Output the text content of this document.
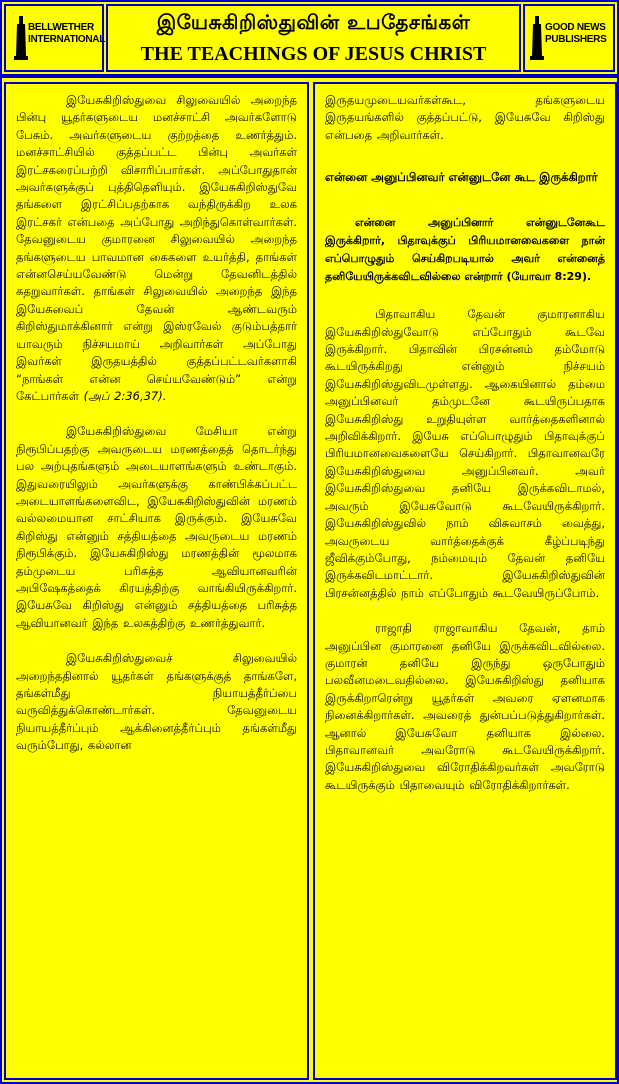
BELLWETHER INTERNATIONAL
இயேசுகிறிஸ்துவின் உபதேசங்கள்
THE TEACHINGS OF JESUS CHRIST
GOOD NEWS PUBLISHERS

இயேசுகிறிஸ்துவை சிலுவையில் அறைந்த பின்பு யூதர்களுடைய மனச்சாட்சி அவர்களோடு பேசும். அவர்களுடைய குற்றத்தை உணர்த்தும். மனச்சாட்சியில் குத்தப்பட்ட பின்பு அவர்கள் இரட்சகரைப்பற்றி விசாரிப்பார்கள். அப்போதுதான் அவர்களுக்குப் புத்திதெளியும். இயேசுகிறிஸ்துவே தங்களை இரட்சிப்பதற்காக வந்திருக்கிற உலக இரட்சகர் என்பதை அப்போது அறிந்துகொள்வார்கள். தேவனுடைய குமாரனை சிலுவையில் அறைந்த தங்களுடைய பாவமான கைகளை உயர்த்தி, தாங்கள் என்னசெய்யவேண்டு மென்று தேவனிடத்தில் கதறுவார்கள். தாங்கள் சிலுவையில் அறைந்த இந்த இயேசுவைப் தேவன் ஆண்டவரும் கிறிஸ்துமாக்கினார் என்று இஸ்ரவேல் குடும்பத்தார் யாவரும் நிச்சயமாய் அறிவார்கள் அப்போது இவர்கள் இருதயத்தில் குத்தப்பட்டவர்களாகி “நாங்கள் என்ன செய்யவேண்டும்” என்று கேட்பார்கள் (அப் 2:36,37).

இயேசுகிறிஸ்துவை மேசியா என்று நிரூபிப்பதற்கு அவருடைய மரணத்தைத் தொடர்ந்து பல அற்புதங்களும் அடையாளங்களும் உண்டாகும். இதுவரையிலும் அவர்களுக்கு காண்பிக்கப்பட்ட அடையாளங்களைவிட, இயேசுகிறிஸ்துவின் மரணம் வல்லமையான சாட்சியாக இருக்கும். இயேசுவே கிறிஸ்து என்னும் சத்தியத்தை அவருடைய மரணம் நிரூபிக்கும். இயேசுகிறிஸ்து மரணத்தின் மூலமாக தம்முடைய பரிசுத்த ஆவியானவரின் அபிஷேகத்தைக் கிரயத்திற்கு வாங்கியிருக்கிறார். இயேசுவே கிறிஸ்து என்னும் சத்தியத்தை பரிசுத்த ஆவியானவர் இந்த உலகத்திற்கு உணர்த்துவார்.

இயேசுகிறிஸ்துவைச் சிலுவையில் அறைந்ததினால் யூதர்கள் தங்களுக்குத் தாங்களே, தங்கள்மீது நியாயத்தீர்ப்பை வருவித்துக்கொண்டார்கள். தேவனுடைய நியாயத்தீர்ப்பும் ஆக்கினைத்தீர்ப்பும் தங்கள்மீது வரும்போது, கல்லான

இருதயமுடையவர்கள்கூட, தங்களுடைய இருதயங்களில் குத்தப்பட்டு, இயேசுவே கிறிஸ்து என்பதை அறிவார்கள்.

என்னை அனுப்பினவர் என்னுடனே கூட இருக்கிறார்

என்னை அனுப்பினார் என்னுடனேகூட இருக்கிறார், பிதாவுக்குப் பிரியமானவைகளை நான் எப்பொழுதும் செய்கிறபடியால் அவர் என்னைத் தனியேயிருக்கவிடவில்லை என்றார் (யோவா 8:29).

பிதாவாகிய தேவன் குமாரனாகிய இயேசுகிறிஸ்துவோடு எப்போதும் கூடவே இருக்கிறார். பிதாவின் பிரசன்னம் தம்மோடு கூடயிருக்கிறது என்னும் நிச்சயம் இயேசுகிறிஸ்துவிடமுள்ளது. ஆகையினால் தம்மை அனுப்பினவர் தம்முடனே கூடயிருப்பதாக இயேசுகிறிஸ்து உறுதியுள்ள வார்த்தைகளினால் அறிவிக்கிறார். இயேசு எப்பொழுதும் பிதாவுக்குப் பிரியமானவைகளையே செய்கிறார். பிதாவானவரே இயேசுகிறிஸ்துவை அனுப்பினவர். அவர் இயேசுகிறிஸ்துவை தனியே இருக்கவிடாமல், அவரும் இயேசுவோடு கூடவேயிருக்கிறார். இயேசுகிறிஸ்துவில் நாம் விசுவாசம் வைத்து, அவருடைய வார்த்தைக்குக் கீழ்ப்படிந்து ஜீவிக்கும்போது, நம்மையும் தேவன் தனியே இருக்கவிடமாட்டார். இயேசுகிறிஸ்துவின் பிரசன்னத்தில் நாம் எப்போதும் கூடவேயிருப்போம்.

ராஜாதி ராஜாவாகிய தேவன், தாம் அனுப்பின குமாரனை தனியே இருக்கவிடவில்லை. குமாரன் தனியே இருந்து ஒருபோதும் பலவீனமடைவதில்லை. இயேசுகிறிஸ்து தனியாக இருக்கிறாரென்று யூதர்கள் அவரை ஏளனமாக நினைக்கிறார்கள். அவரைத் துன்பப்படுத்துகிறார்கள். ஆனால் இயேசுவோ தனியாக இல்லை. பிதாவானவர் அவரோடு கூடவேயிருக்கிறார். இயேசுகிறிஸ்துவை விரோதிக்கிறவர்கள் அவரோடு கூடயிருக்கும் பிதாவையும் விரோதிக்கிறார்கள்.
